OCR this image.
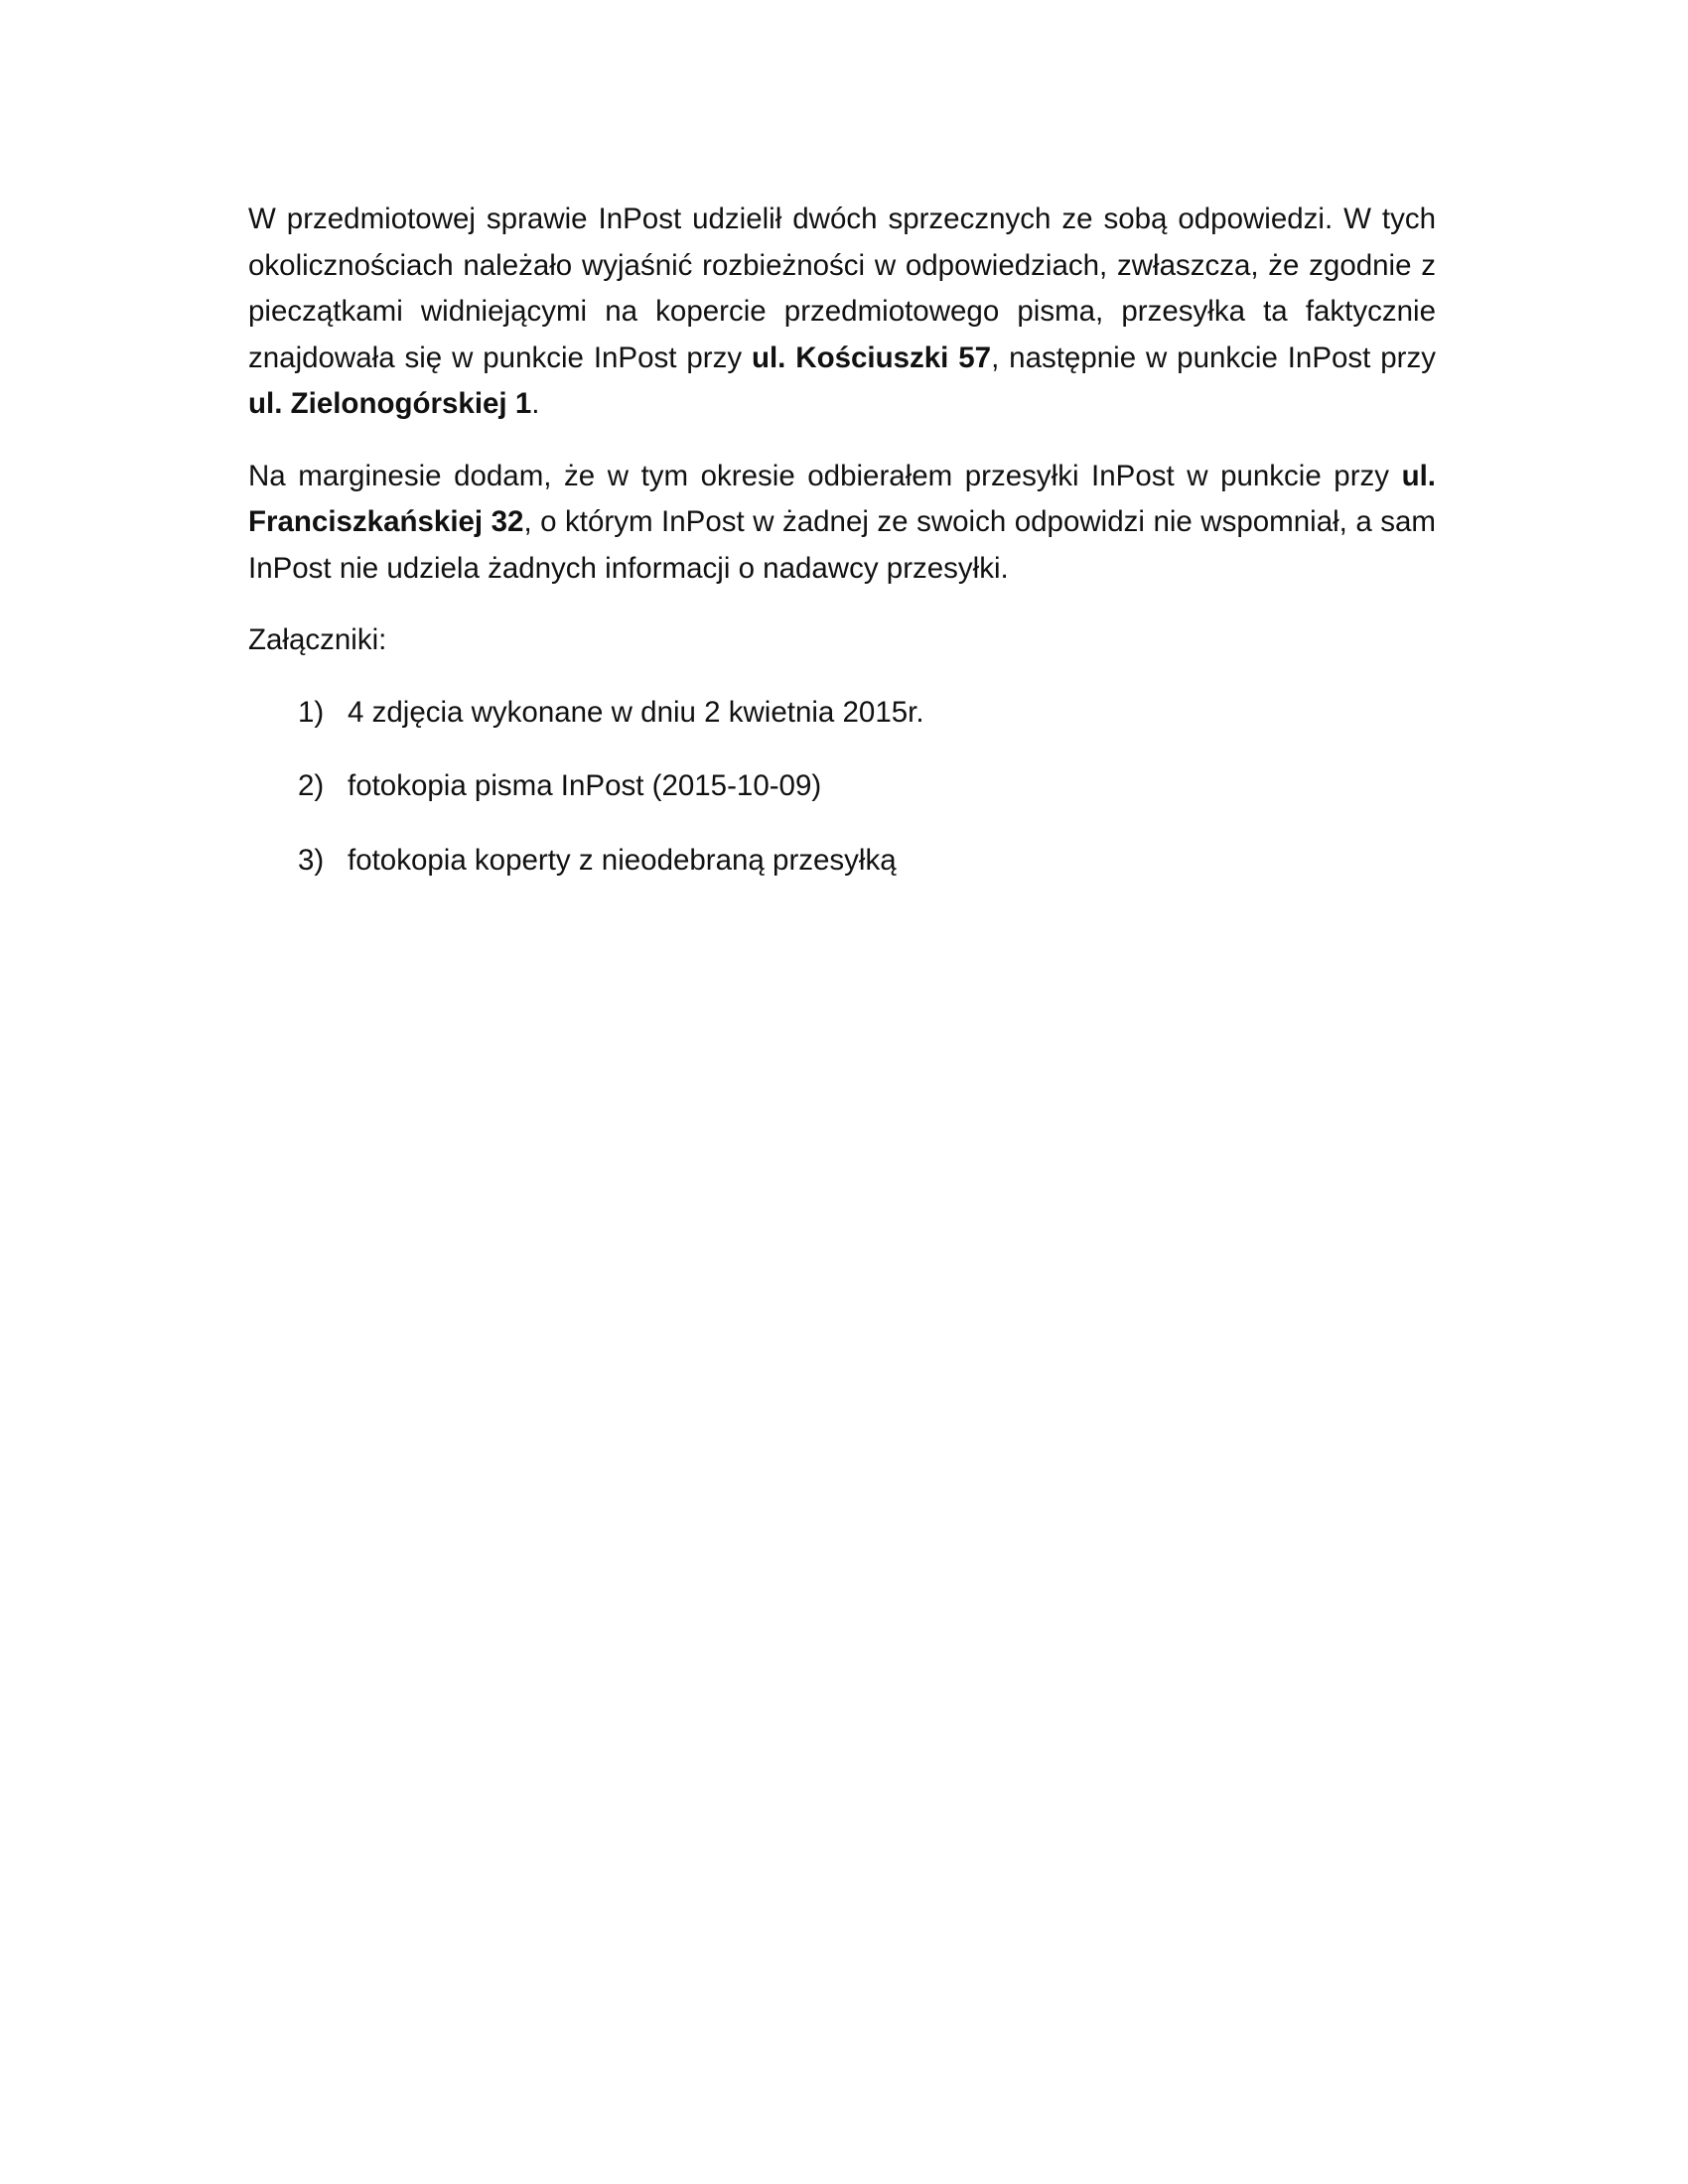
W przedmiotowej sprawie InPost udzielił dwóch sprzecznych ze sobą odpowiedzi. W tych okolicznościach należało wyjaśnić rozbieżności w odpowiedziach, zwłaszcza, że zgodnie z pieczątkami widniejącymi na kopercie przedmiotowego pisma, przesyłka ta faktycznie znajdowała się w punkcie InPost przy ul. Kościuszki 57, następnie w punkcie InPost przy ul. Zielonogórskiej 1.

Na marginesie dodam, że w tym okresie odbierałem przesyłki InPost w punkcie przy ul. Franciszkańskiej 32, o którym InPost w żadnej ze swoich odpowidzi nie wspomniał, a sam InPost nie udziela żadnych informacji o nadawcy przesyłki.

Załączniki:

1) 4 zdjęcia wykonane w dniu 2 kwietnia 2015r.
2) fotokopia pisma InPost (2015-10-09)
3) fotokopia koperty z nieodebraną przesyłką
